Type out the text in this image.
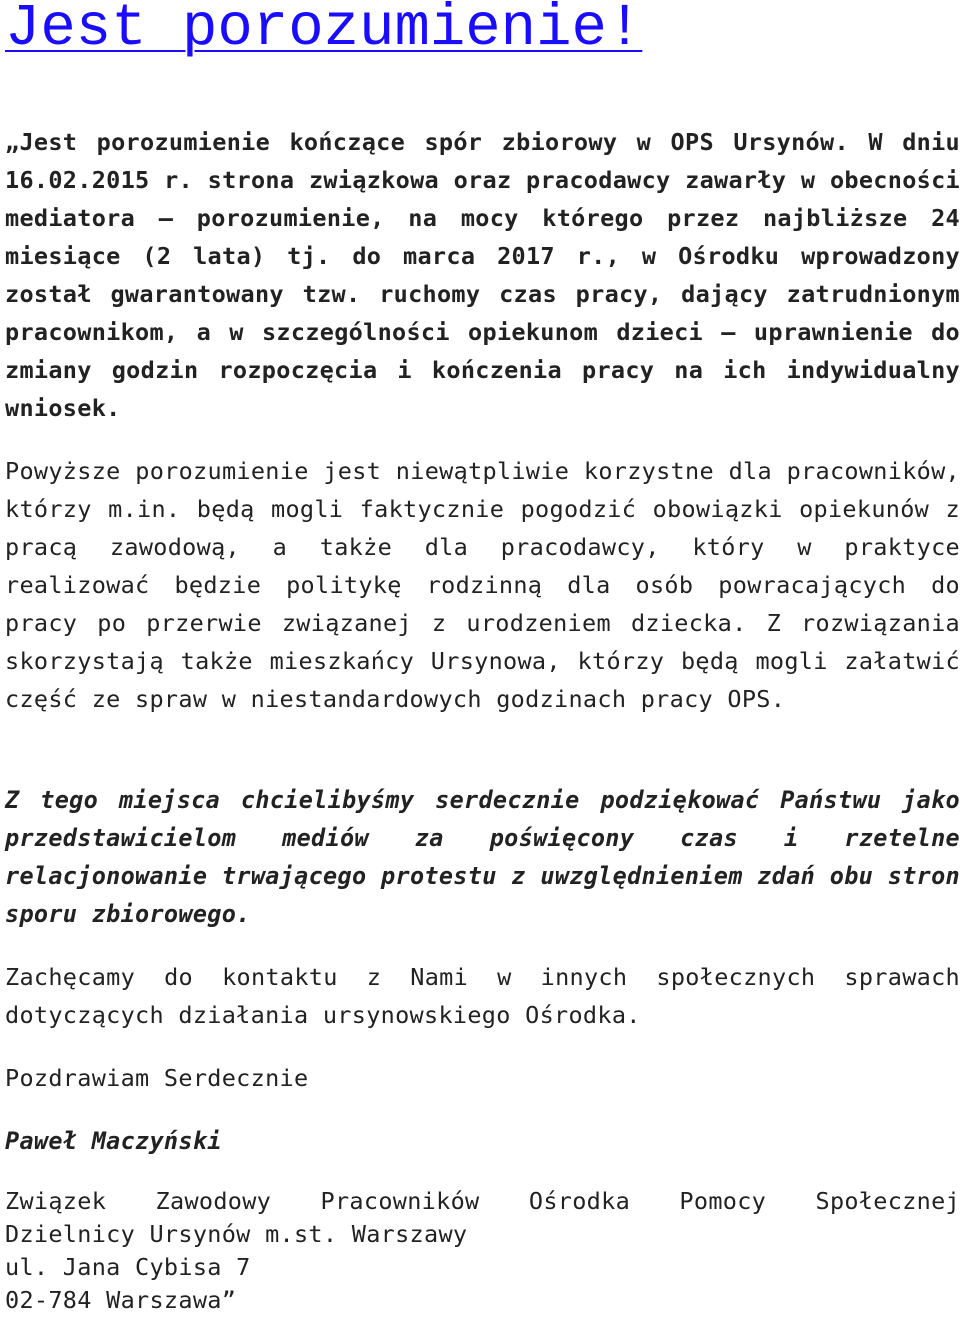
Jest porozumienie!

„Jest porozumienie kończące spór zbiorowy w OPS Ursynów. W dniu 16.02.2015 r. strona związkowa oraz pracodawcy zawarły w obecności mediatora – porozumienie, na mocy którego przez najbliższe 24 miesiące (2 lata) tj. do marca 2017 r., w Ośrodku wprowadzony został gwarantowany tzw. ruchomy czas pracy, dający zatrudnionym pracownikom, a w szczególności opiekunom dzieci – uprawnienie do zmiany godzin rozpoczęcia i kończenia pracy na ich indywidualny wniosek.

Powyższe porozumienie jest niewątpliwie korzystne dla pracowników, którzy m.in. będą mogli faktycznie pogodzić obowiązki opiekunów z pracą zawodową, a także dla pracodawcy, który w praktyce realizować będzie politykę rodzinną dla osób powracających do pracy po przerwie związanej z urodzeniem dziecka. Z rozwiązania skorzystają także mieszkańcy Ursynowa, którzy będą mogli załatwić część ze spraw w niestandardowych godzinach pracy OPS.

Z tego miejsca chcielibyśmy serdecznie podziękować Państwu jako przedstawicielom mediów za poświęcony czas i rzetelne relacjonowanie trwającego protestu z uwzględnieniem zdań obu stron sporu zbiorowego.

Zachęcamy do kontaktu z Nami w innych społecznych sprawach dotyczących działania ursynowskiego Ośrodka.

Pozdrawiam Serdecznie

Paweł Maczyński

Związek Zawodowy Pracowników Ośrodka Pomocy Społecznej
Dzielnicy Ursynów m.st. Warszawy
ul. Jana Cybisa 7
02-784 Warszawa”
